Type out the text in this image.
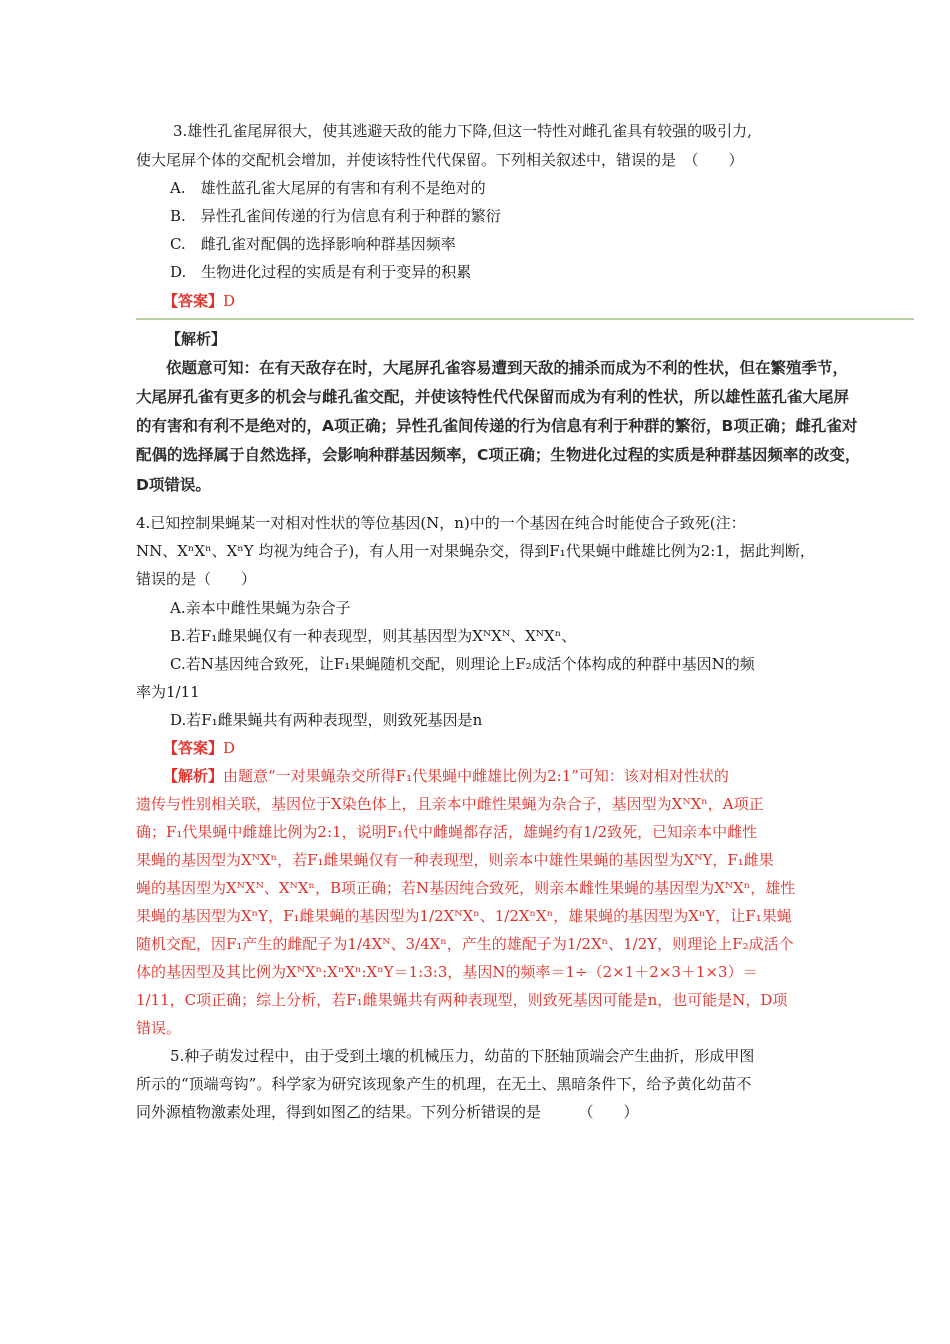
3.雄性孔雀尾屏很大，使其逃避天敌的能力下降,但这一特性对雌孔雀具有较强的吸引力,
使大尾屏个体的交配机会增加，并使该特性代代保留。下列相关叙述中，错误的是　（　　）
A.　雄性蓝孔雀大尾屏的有害和有利不是绝对的
B.　异性孔雀间传递的行为信息有利于种群的繁衍
C.　雌孔雀对配偶的选择影响种群基因频率
D.　生物进化过程的实质是有利于变异的积累
【答案】D
【解析】
依题意可知：在有天敌存在时，大尾屏孔雀容易遭到天敌的捕杀而成为不利的性状，但在繁殖季节，
大尾屏孔雀有更多的机会与雌孔雀交配，并使该特性代代保留而成为有利的性状，所以雄性蓝孔雀大尾屏
的有害和有利不是绝对的，A项正确；异性孔雀间传递的行为信息有利于种群的繁衍，B项正确；雌孔雀对
配偶的选择属于自然选择，会影响种群基因频率，C项正确；生物进化过程的实质是种群基因频率的改变，
D项错误。
4.已知控制果蝇某一对相对性状的等位基因(N，n)中的一个基因在纯合时能使合子致死(注：
NN、XⁿXⁿ、XⁿY 均视为纯合子)，有人用一对果蝇杂交，得到F₁代果蝇中雌雄比例为2:1，据此判断，
错误的是（　　）
A.亲本中雌性果蝇为杂合子
B.若F₁雌果蝇仅有一种表现型，则其基因型为XᴺXᴺ、XᴺXⁿ、
C.若N基因纯合致死，让F₁果蝇随机交配，则理论上F₂成活个体构成的种群中基因N的频
率为1/11
D.若F₁雌果蝇共有两种表现型，则致死基因是n
【答案】D
【解析】由题意“一对果蝇杂交所得F₁代果蝇中雌雄比例为2:1”可知：该对相对性状的
遗传与性别相关联，基因位于X染色体上，且亲本中雌性果蝇为杂合子，基因型为XᴺXⁿ，A项正
确；F₁代果蝇中雌雄比例为2:1，说明F₁代中雌蝇都存活，雄蝇约有1/2致死，已知亲本中雌性
果蝇的基因型为XᴺXⁿ，若F₁雌果蝇仅有一种表现型，则亲本中雄性果蝇的基因型为XᴺY，F₁雌果
蝇的基因型为XᴺXᴺ、XᴺXⁿ，B项正确；若N基因纯合致死，则亲本雌性果蝇的基因型为XᴺXⁿ，雄性
果蝇的基因型为XⁿY，F₁雌果蝇的基因型为1/2XᴺXⁿ、1/2XⁿXⁿ，雄果蝇的基因型为XⁿY，让F₁果蝇
随机交配，因F₁产生的雌配子为1/4Xᴺ、3/4Xⁿ，产生的雄配子为1/2Xⁿ、1/2Y，则理论上F₂成活个
体的基因型及其比例为XᴺXⁿ:XⁿXⁿ:XⁿY＝1:3:3，基因N的频率＝1÷（2×1＋2×3＋1×3）＝
1/11，C项正确；综上分析，若F₁雌果蝇共有两种表现型，则致死基因可能是n，也可能是N，D项
错误。
5.种子萌发过程中，由于受到土壤的机械压力，幼苗的下胚轴顶端会产生曲折，形成甲图
所示的“顶端弯钩”。科学家为研究该现象产生的机理，在无土、黑暗条件下，给予黄化幼苗不
同外源植物激素处理，得到如图乙的结果。下列分析错误的是　　　（　　）
